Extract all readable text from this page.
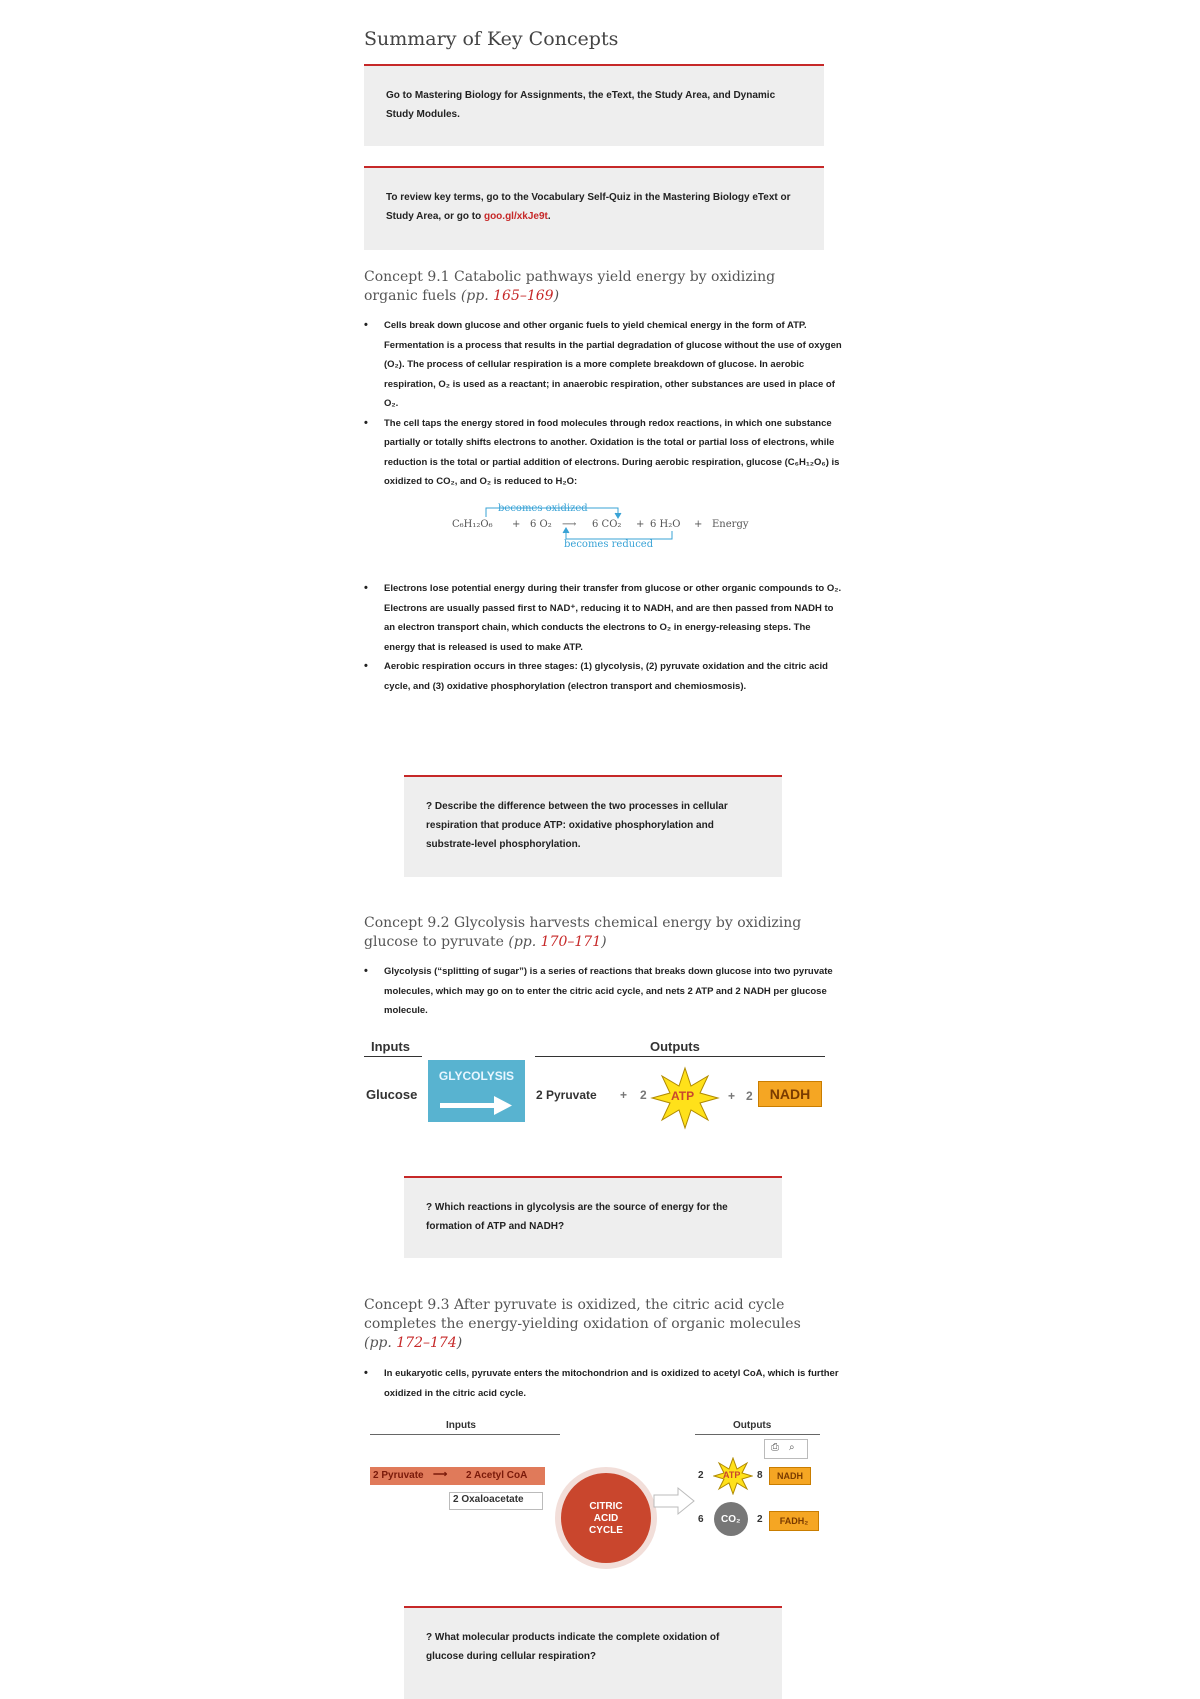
Summary of Key Concepts
Go to Mastering Biology for Assignments, the eText, the Study Area, and Dynamic Study Modules.
To review key terms, go to the Vocabulary Self-Quiz in the Mastering Biology eText or Study Area, or go to goo.gl/xkJe9t.
Concept 9.1 Catabolic pathways yield energy by oxidizing organic fuels (pp. 165–169)
• Cells break down glucose and other organic fuels to yield chemical energy in the form of ATP. Fermentation is a process that results in the partial degradation of glucose without the use of oxygen (O₂). The process of cellular respiration is a more complete breakdown of glucose. In aerobic respiration, O₂ is used as a reactant; in anaerobic respiration, other substances are used in place of O₂.
• The cell taps the energy stored in food molecules through redox reactions, in which one substance partially or totally shifts electrons to another. Oxidation is the total or partial loss of electrons, while reduction is the total or partial addition of electrons. During aerobic respiration, glucose (C₆H₁₂O₆) is oxidized to CO₂, and O₂ is reduced to H₂O:
becomes oxidized
becomes reduced
C₆H₁₂O₆ + 6 O₂ ⟶ 6 CO₂ + 6 H₂O + Energy
• Electrons lose potential energy during their transfer from glucose or other organic compounds to O₂. Electrons are usually passed first to NAD⁺, reducing it to NADH, and are then passed from NADH to an electron transport chain, which conducts the electrons to O₂ in energy-releasing steps. The energy that is released is used to make ATP.
• Aerobic respiration occurs in three stages: (1) glycolysis, (2) pyruvate oxidation and the citric acid cycle, and (3) oxidative phosphorylation (electron transport and chemiosmosis).
? Describe the difference between the two processes in cellular respiration that produce ATP: oxidative phosphorylation and substrate-level phosphorylation.
Concept 9.2 Glycolysis harvests chemical energy by oxidizing glucose to pyruvate (pp. 170–171)
• Glycolysis (“splitting of sugar”) is a series of reactions that breaks down glucose into two pyruvate molecules, which may go on to enter the citric acid cycle, and nets 2 ATP and 2 NADH per glucose molecule.
Inputs	Outputs
Glucose
GLYCOLYSIS
2 Pyruvate + 2 ATP	+ 2	NADH
? Which reactions in glycolysis are the source of energy for the formation of ATP and NADH?
Concept 9.3 After pyruvate is oxidized, the citric acid cycle completes the energy-yielding oxidation of organic molecules (pp. 172–174)
• In eukaryotic cells, pyruvate enters the mitochondrion and is oxidized to acetyl CoA, which is further oxidized in the citric acid cycle.
Inputs	Outputs
⎙ ⌕
2 Pyruvate ⟶ 2 Acetyl CoA
2 Oxaloacetate
CITRIC ACID CYCLE
2 ATP 8	NADH
6 CO₂ 2	FADH₂
? What molecular products indicate the complete oxidation of glucose during cellular respiration?
